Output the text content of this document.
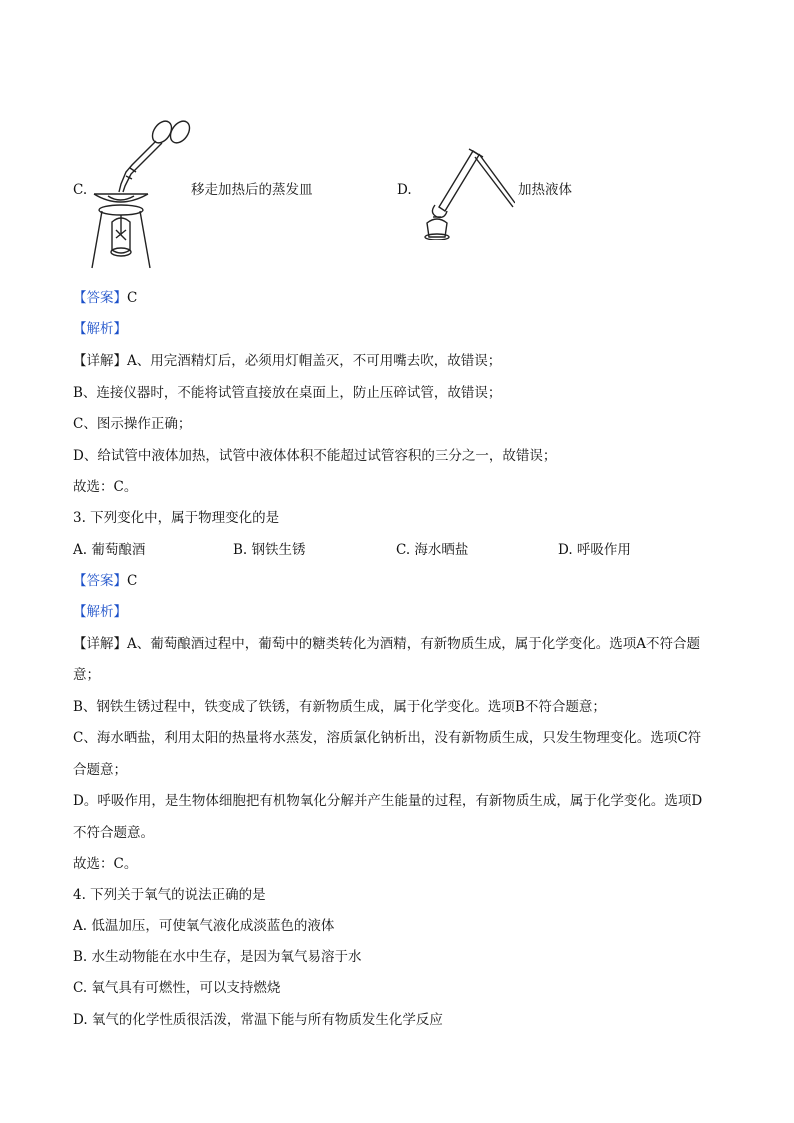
C.	移走加热后的蒸发皿	D.	加热液体
【答案】C
【解析】
【详解】A、用完酒精灯后，必须用灯帽盖灭，不可用嘴去吹，故错误；
B、连接仪器时，不能将试管直接放在桌面上，防止压碎试管，故错误；
C、图示操作正确；
D、给试管中液体加热，试管中液体体积不能超过试管容积的三分之一，故错误；
故选：C。
3. 下列变化中，属于物理变化的是
A. 葡萄酿酒	B. 钢铁生锈	C. 海水晒盐	D. 呼吸作用
【答案】C
【解析】
【详解】A、葡萄酿酒过程中，葡萄中的糖类转化为酒精，有新物质生成，属于化学变化。选项A不符合题
意；
B、钢铁生锈过程中，铁变成了铁锈，有新物质生成，属于化学变化。选项B不符合题意；
C、海水晒盐，利用太阳的热量将水蒸发，溶质氯化钠析出，没有新物质生成，只发生物理变化。选项C符
合题意；
D。呼吸作用，是生物体细胞把有机物氧化分解并产生能量的过程，有新物质生成，属于化学变化。选项D
不符合题意。
故选：C。
4. 下列关于氧气的说法正确的是
A. 低温加压，可使氧气液化成淡蓝色的液体
B. 水生动物能在水中生存，是因为氧气易溶于水
C. 氧气具有可燃性，可以支持燃烧
D. 氧气的化学性质很活泼，常温下能与所有物质发生化学反应
